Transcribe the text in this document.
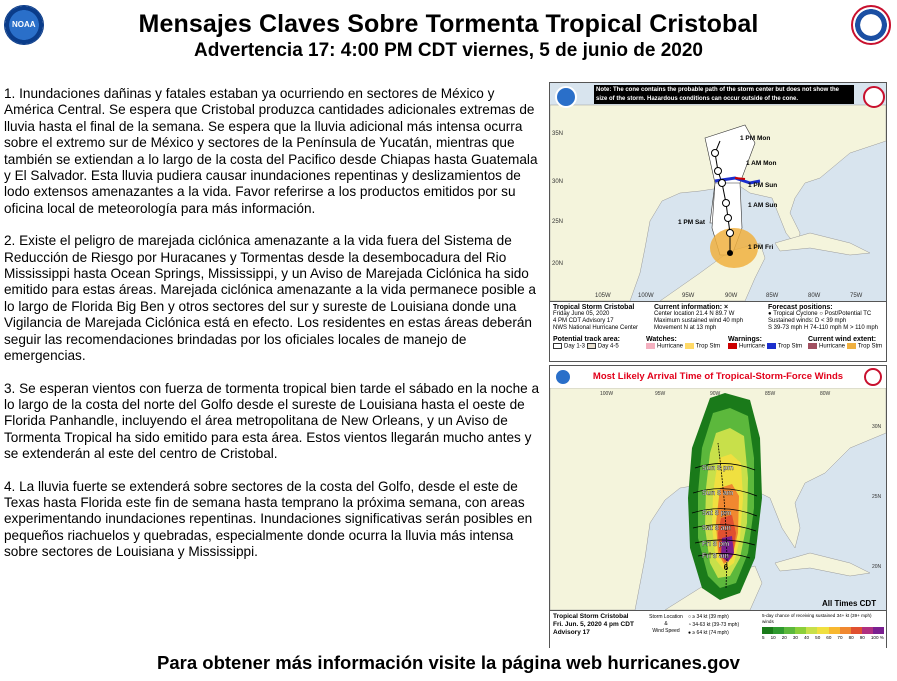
NOAA	Mensajes Claves Sobre Tormenta Tropical Cristobal
Advertencia 17: 4:00 PM CDT viernes, 5 de junio de 2020

1. Inundaciones dañinas y fatales estaban ya ocurriendo en sectores de México y América Central. Se espera que Cristobal produzca cantidades adicionales extremas de lluvia hasta el final de la semana. Se espera que la lluvia adicional más intensa ocurra sobre el extremo sur de México y sectores de la Península de Yucatán, mientras que también se extiendan a lo largo de la costa del Pacifico desde Chiapas hasta Guatemala y El Salvador. Esta lluvia pudiera causar inundaciones repentinas y deslizamientos de lodo extensos amenazantes a la vida. Favor referirse a los productos emitidos por su oficina local de meteorología para más información.

2. Existe el peligro de marejada ciclónica amenazante a la vida fuera del Sistema de Reducción de Riesgo por Huracanes y Tormentas desde la desembocadura del Rio Mississippi hasta Ocean Springs, Mississippi, y un Aviso de Marejada Ciclónica ha sido emitido para estas áreas. Marejada ciclónica amenazante a la vida permanece posible a lo largo de Florida Big Ben y otros sectores del sur y sureste de Louisiana donde una Vigilancia de Marejada Ciclónica está en efecto. Los residentes en estas áreas deberán seguir las recomendaciones brindadas por los oficiales locales de manejo de emergencias.

3. Se esperan vientos con fuerza de tormenta tropical bien tarde el sábado en la noche a lo largo de la costa del norte del Golfo desde el sureste de Louisiana hasta el oeste de Florida Panhandle, incluyendo el área metropolitana de New Orleans, y un Aviso de Tormenta Tropical ha sido emitido para esta área. Estos vientos llegarán mucho antes y se extenderán al este del centro de Cristobal.

4. La lluvia fuerte se extenderá sobre sectores de la costa del Golfo, desde el este de Texas hasta Florida este fin de semana hasta temprano la próxima semana, con areas experimentando inundaciones repentinas. Inundaciones significativas serán posibles en pequeños riachuelos y quebradas, especialmente donde ocurra la lluvia más intensa sobre sectores de Louisiana y Mississippi.

35N
30N
25N
20N
105W	100W	95W	90W	85W	80W	75W
1 PM Mon
1 AM Mon
1 PM Sun
1 AM Sun
1 PM Sat
1 PM Fri
Note: The cone contains the probable path of the storm center but does not show the size of the storm. Hazardous conditions can occur outside of the cone.
Tropical Storm Cristobal
Friday June 05, 2020
4 PM CDT Advisory 17
NWS National Hurricane Center
Current information: ×
Center location 21.4 N 89.7 W
Maximum sustained wind 40 mph
Movement N at 13 mph
Forecast positions:
● Tropical Cyclone ○ Post/Potential TC
Sustained winds: D < 39 mph
S 39-73 mph H 74-110 mph M > 110 mph
Potential track area:
Day 1-3 Day 4-5
Watches:
Hurricane Trop Stm
Warnings:
Hurricane Trop Stm
Current wind extent:
Hurricane Trop Stm
Most Likely Arrival Time of Tropical-Storm-Force Winds
6
Sun 8 pm
Sun 8 am
Sat 8 pm
Sat 8 am
Fri 8 pm
Fri 8 am
30N
25N
20N
100W	95W	90W	85W	80W
All Times CDT
Tropical Storm Cristobal
Fri. Jun. 5, 2020 4 pm CDT
Advisory 17
Storm Location
&
Wind Speed
○ ≥ 34 kt (39 mph)
◔ 34-63 kt (39-73 mph)
● ≥ 64 kt (74 mph)
5-day chance of receiving sustained 34+ kt (39+ mph) winds
5 10 20 30 40 50 60 70 80 90 100 %
Para obtener más información visite la página web hurricanes.gov
